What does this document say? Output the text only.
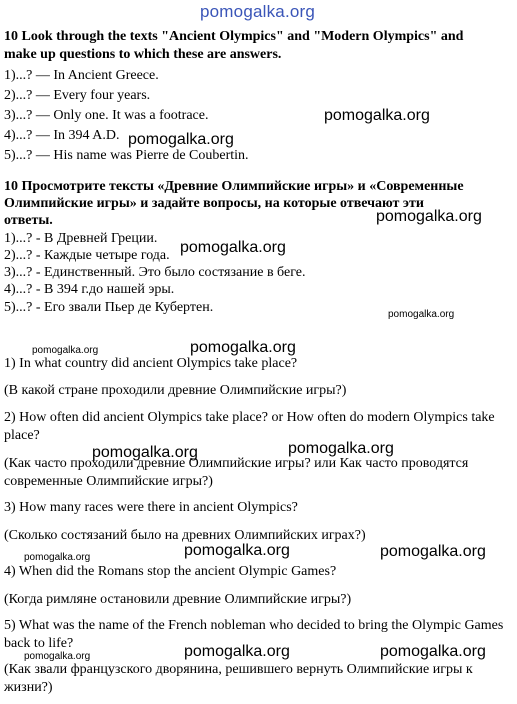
pomogalka.org
10 Look through the texts "Ancient Olympics" and "Modern Olympics" and
make up questions to which these are answers.
1)...? — In Ancient Greece.
2)...? — Every four years.
3)...? — Only one. It was a footrace.
4)...? — In 394 A.D.
5)...? — His name was Pierre de Coubertin.
pomogalka.org
pomogalka.org
10 Просмотрите тексты «Древние Олимпийские игры» и «Современные
Олимпийские игры» и задайте вопросы, на которые отвечают эти
ответы.
1)...? - В Древней Греции.
2)...? - Каждые четыре года.
3)...? - Единственный. Это было состязание в беге.
4)...? - В 394 г.до нашей эры.
5)...? - Его звали Пьер де Кубертен.
pomogalka.org
pomogalka.org
pomogalka.org
pomogalka.org	pomogalka.org
1) In what country did ancient Olympics take place?
(В какой стране проходили древние Олимпийские игры?)
2) How often did ancient Olympics take place? or How often do modern Olympics take place?
pomogalka.org	pomogalka.org
(Как часто проходили древние Олимпийские игры? или Как часто проводятся современные Олимпийские игры?)
3) How many races were there in ancient Olympics?
(Сколько состязаний было на древних Олимпийских играх?)
pomogalka.org	pomogalka.org	pomogalka.org
4) When did the Romans stop the ancient Olympic Games?
(Когда римляне остановили древние Олимпийские игры?)
5) What was the name of the French nobleman who decided to bring the Olympic Games back to life?
pomogalka.org	pomogalka.org	pomogalka.org
(Как звали французского дворянина, решившего вернуть Олимпийские игры к жизни?)
